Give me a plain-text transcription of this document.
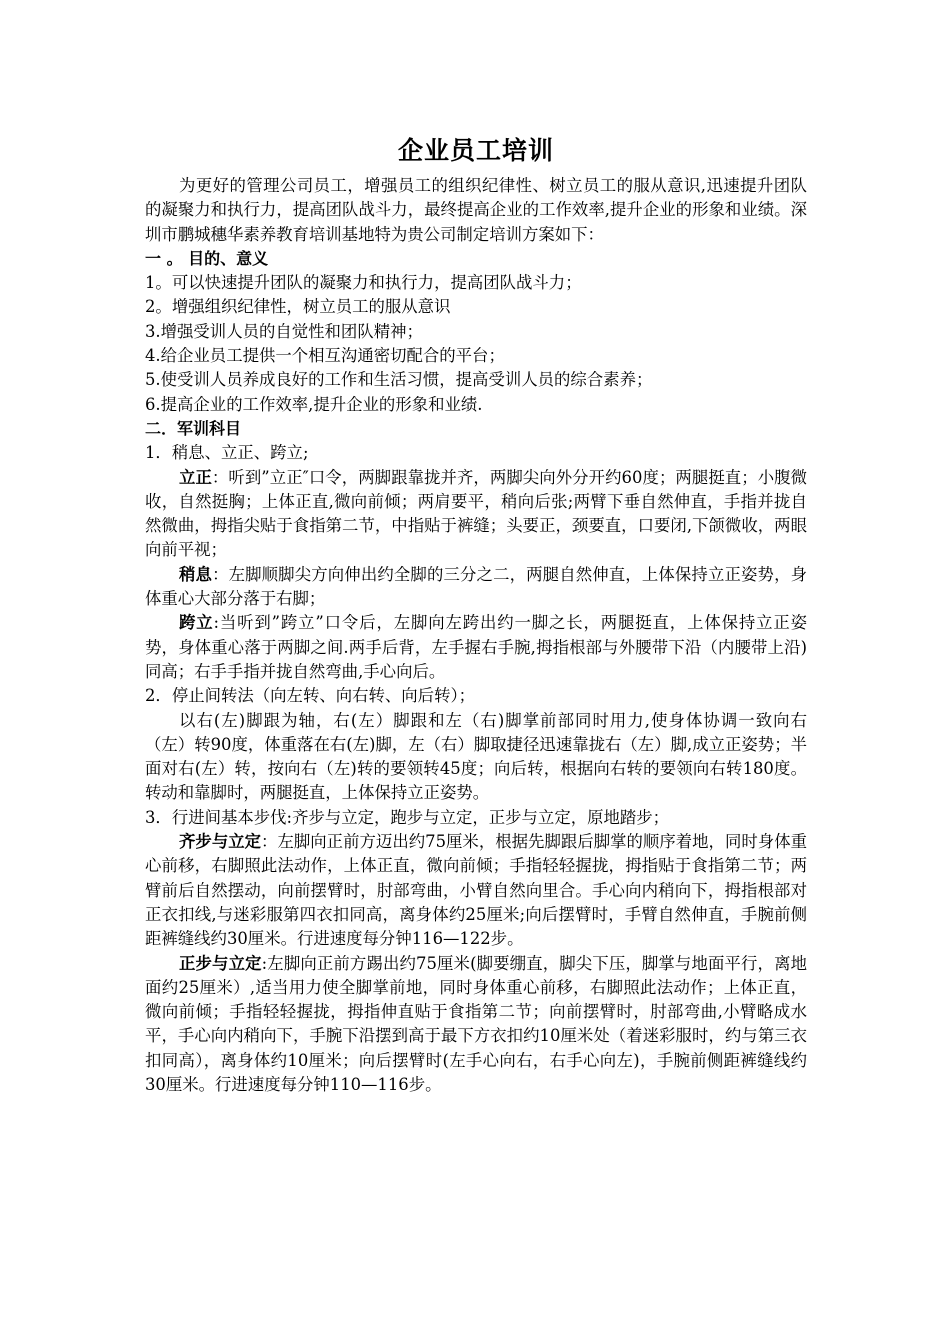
企业员工培训

为更好的管理公司员工，增强员工的组织纪律性、树立员工的服从意识,迅速提升团队的凝聚力和执行力，提高团队战斗力，最终提高企业的工作效率,提升企业的形象和业绩。深圳市鹏城穗华素养教育培训基地特为贵公司制定培训方案如下：

一 。 目的、意义

1。可以快速提升团队的凝聚力和执行力，提高团队战斗力；

2。增强组织纪律性，树立员工的服从意识

3.增强受训人员的自觉性和团队精神；

4.给企业员工提供一个相互沟通密切配合的平台；

5.使受训人员养成良好的工作和生活习惯，提高受训人员的综合素养；

6.提高企业的工作效率,提升企业的形象和业绩.

二．军训科目

1．稍息、立正、跨立;

立正：听到”立正″口令，两脚跟靠拢并齐，两脚尖向外分开约60度；两腿挺直；小腹微收，自然挺胸；上体正直,微向前倾；两肩要平，稍向后张;两臂下垂自然伸直，手指并拢自然微曲，拇指尖贴于食指第二节，中指贴于裤缝；头要正，颈要直，口要闭,下颌微收，两眼向前平视；

稍息：左脚顺脚尖方向伸出约全脚的三分之二，两腿自然伸直，上体保持立正姿势，身体重心大部分落于右脚；

跨立:当听到”跨立”口令后，左脚向左跨出约一脚之长，两腿挺直，上体保持立正姿势，身体重心落于两脚之间.两手后背，左手握右手腕,拇指根部与外腰带下沿（内腰带上沿)同高；右手手指并拢自然弯曲,手心向后。

2．停止间转法（向左转、向右转、向后转）；

以右(左)脚跟为轴，右(左）脚跟和左（右)脚掌前部同时用力,使身体协调一致向右（左）转90度，体重落在右(左)脚，左（右）脚取捷径迅速靠拢右（左）脚,成立正姿势；半面对右(左）转，按向右（左)转的要领转45度；向后转，根据向右转的要领向右转180度。转动和靠脚时，两腿挺直，上体保持立正姿势。

3．行进间基本步伐:齐步与立定，跑步与立定，正步与立定，原地踏步；

齐步与立定：左脚向正前方迈出约75厘米，根据先脚跟后脚掌的顺序着地，同时身体重心前移，右脚照此法动作，上体正直，微向前倾；手指轻轻握拢，拇指贴于食指第二节；两臂前后自然摆动，向前摆臂时，肘部弯曲，小臂自然向里合。手心向内稍向下，拇指根部对正衣扣线,与迷彩服第四衣扣同高，离身体约25厘米;向后摆臂时，手臂自然伸直，手腕前侧距裤缝线约30厘米。行进速度每分钟116—122步。

正步与立定:左脚向正前方踢出约75厘米(脚要绷直，脚尖下压，脚掌与地面平行，离地面约25厘米）,适当用力使全脚掌前地，同时身体重心前移，右脚照此法动作；上体正直，微向前倾；手指轻轻握拢，拇指伸直贴于食指第二节；向前摆臂时，肘部弯曲,小臂略成水平，手心向内稍向下，手腕下沿摆到高于最下方衣扣约10厘米处（着迷彩服时，约与第三衣扣同高），离身体约10厘米；向后摆臂时(左手心向右，右手心向左)，手腕前侧距裤缝线约30厘米。行进速度每分钟110—116步。
